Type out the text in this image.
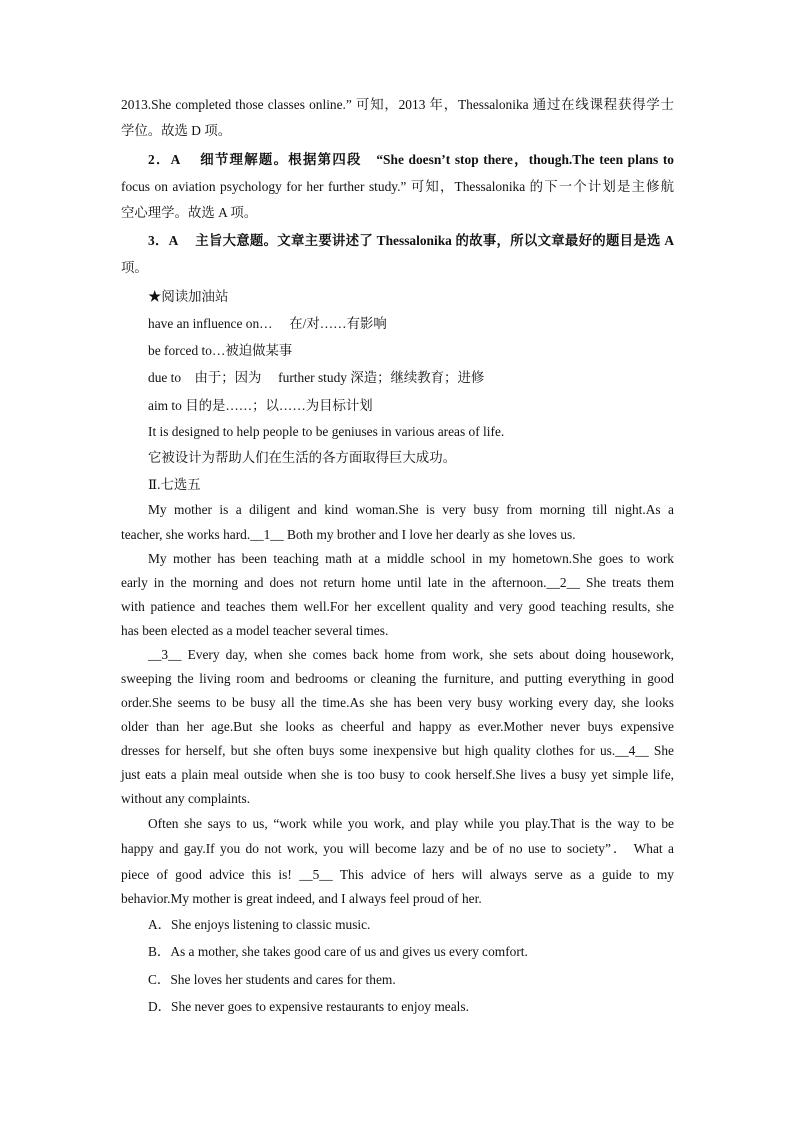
2013.She completed those classes online.” 可知，2013 年，Thessalonika 通过在线课程获得学士
学位。故选 D 项。
2．A　 细节理解题。根据第四段　“She doesn’t stop there，though.The teen plans to
focus on aviation psychology for her further study.” 可知，Thessalonika 的下一个计划是主修航
空心理学。故选 A 项。
3．A　 主旨大意题。文章主要讲述了 Thessalonika 的故事，所以文章最好的题目是选 A
项。
★阅读加油站
have an influence on…　 在/对……有影响
be forced to…被迫做某事
due to　由于；因为　 further study 深造；继续教育；进修
aim to 目的是……；以……为目标计划
It is designed to help people to be geniuses in various areas of life.
它被设计为帮助人们在生活的各方面取得巨大成功。
Ⅱ.七选五
My mother is a diligent and kind woman.She is very busy from morning till night.As a
teacher, she works hard.__1__ Both my brother and I love her dearly as she loves us.
My mother has been teaching math at a middle school in my hometown.She goes to work
early in the morning and does not return home until late in the afternoon.__2__ She treats them
with patience and teaches them well.For her excellent quality and very good teaching results, she
has been elected as a model teacher several times.
__3__ Every day, when she comes back home from work, she sets about doing housework,
sweeping the living room and bedrooms or cleaning the furniture, and putting everything in good
order.She seems to be busy all the time.As she has been very busy working every day, she looks
older than her age.But she looks as cheerful and happy as ever.Mother never buys expensive
dresses for herself, but she often buys some inexpensive but high quality clothes for us.__4__ She
just eats a plain meal outside when she is too busy to cook herself.She lives a busy yet simple life,
without any complaints.
Often she says to us, “work while you work, and play while you play.That is the way to be
happy and gay.If you do not work, you will become lazy and be of no use to society”． What a
piece of good advice this is! __5__ This advice of hers will always serve as a guide to my
behavior.My mother is great indeed, and I always feel proud of her.
A．She enjoys listening to classic music.
B．As a mother, she takes good care of us and gives us every comfort.
C．She loves her students and cares for them.
D．She never goes to expensive restaurants to enjoy meals.
